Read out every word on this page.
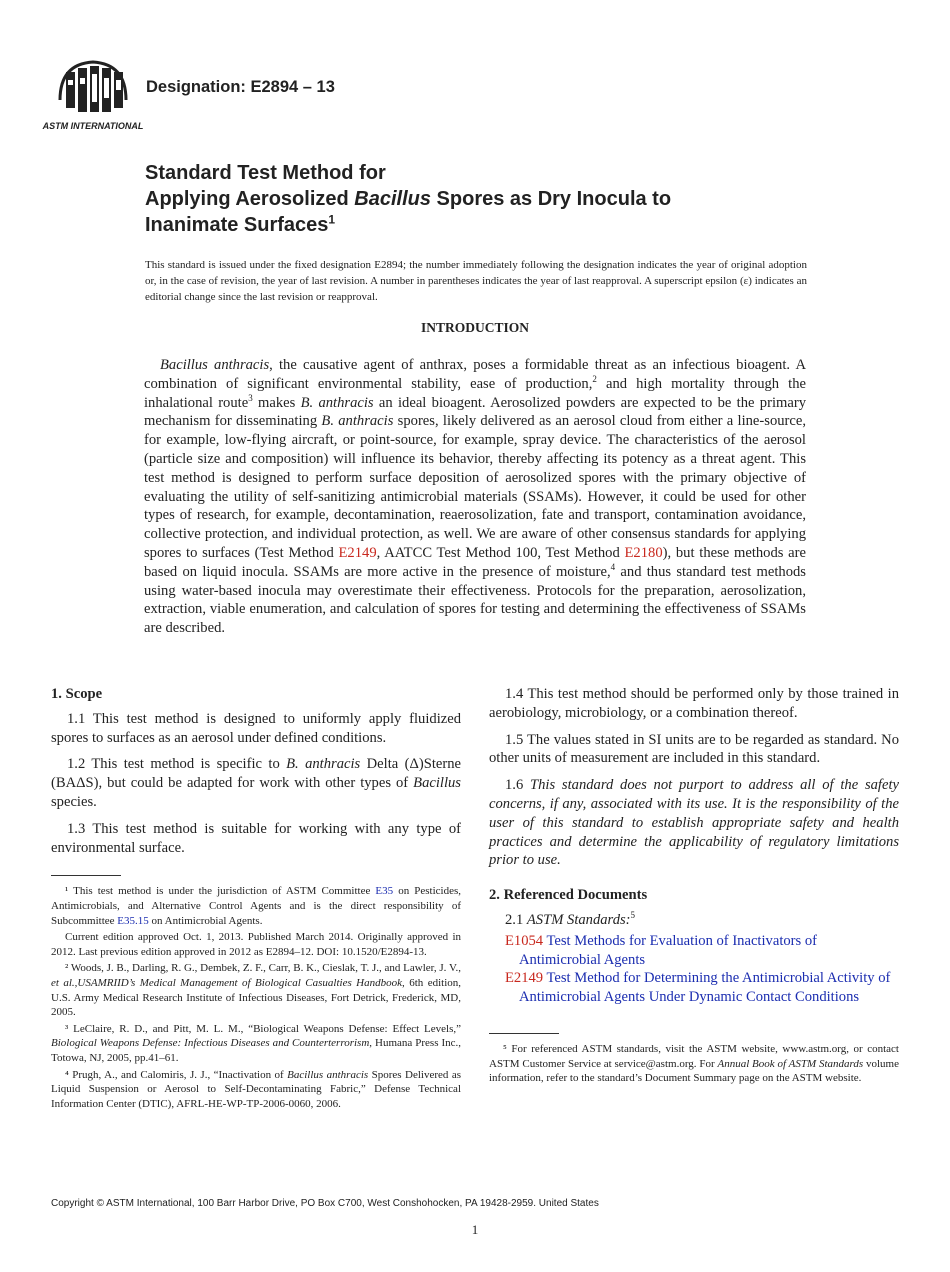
ASTM INTERNATIONAL
Designation: E2894 – 13
Standard Test Method for
Applying Aerosolized Bacillus Spores as Dry Inocula to
Inanimate Surfaces$^1$
This standard is issued under the fixed designation E2894; the number immediately following the designation indicates the year of original adoption or, in the case of revision, the year of last revision. A number in parentheses indicates the year of last reapproval. A superscript epsilon (ε) indicates an editorial change since the last revision or reapproval.
INTRODUCTION

Bacillus anthracis, the causative agent of anthrax, poses a formidable threat as an infectious bioagent. A combination of significant environmental stability, ease of production,$^2$ and high mortality through the inhalational route$^3$ makes B. anthracis an ideal bioagent. Aerosolized powders are expected to be the primary mechanism for disseminating B. anthracis spores, likely delivered as an aerosol cloud from either a line-source, for example, low-flying aircraft, or point-source, for example, spray device. The characteristics of the aerosol (particle size and composition) will influence its behavior, thereby affecting its potency as a threat agent. This test method is designed to perform surface deposition of aerosolized spores with the primary objective of evaluating the utility of self-sanitizing antimicrobial materials (SSAMs). However, it could be used for other types of research, for example, decontamination, reaerosolization, fate and transport, contamination avoidance, collective protection, and individual protection, as well. We are aware of other consensus standards for applying spores to surfaces (Test Method E2149, AATCC Test Method 100, Test Method E2180), but these methods are based on liquid inocula. SSAMs are more active in the presence of moisture,$^4$ and thus standard test methods using water-based inocula may overestimate their effectiveness. Protocols for the preparation, aerosolization, extraction, viable enumeration, and calculation of spores for testing and determining the effectiveness of SSAMs are described.

1. Scope

1.1 This test method is designed to uniformly apply fluidized spores to surfaces as an aerosol under defined conditions.

1.2 This test method is specific to B. anthracis Delta (Δ)Sterne (BAΔS), but could be adapted for work with other types of Bacillus species.

1.3 This test method is suitable for working with any type of environmental surface.

¹ This test method is under the jurisdiction of ASTM Committee E35 on Pesticides, Antimicrobials, and Alternative Control Agents and is the direct responsibility of Subcommittee E35.15 on Antimicrobial Agents.

Current edition approved Oct. 1, 2013. Published March 2014. Originally approved in 2012. Last previous edition approved in 2012 as E2894–12. DOI: 10.1520/E2894-13.

² Woods, J. B., Darling, R. G., Dembek, Z. F., Carr, B. K., Cieslak, T. J., and Lawler, J. V., et al.,USAMRIID’s Medical Management of Biological Casualties Handbook, 6th edition, U.S. Army Medical Research Institute of Infectious Diseases, Fort Detrick, Frederick, MD, 2005.

³ LeClaire, R. D., and Pitt, M. L. M., “Biological Weapons Defense: Effect Levels,” Biological Weapons Defense: Infectious Diseases and Counterterrorism, Humana Press Inc., Totowa, NJ, 2005, pp.41–61.

⁴ Prugh, A., and Calomiris, J. J., “Inactivation of Bacillus anthracis Spores Delivered as Liquid Suspension or Aerosol to Self-Decontaminating Fabric,” Defense Technical Information Center (DTIC), AFRL-HE-WP-TP-2006-0060, 2006.

1.4 This test method should be performed only by those trained in aerobiology, microbiology, or a combination thereof.

1.5 The values stated in SI units are to be regarded as standard. No other units of measurement are included in this standard.

1.6 This standard does not purport to address all of the safety concerns, if any, associated with its use. It is the responsibility of the user of this standard to establish appropriate safety and health practices and determine the applicability of regulatory limitations prior to use.

2. Referenced Documents

2.1 ASTM Standards:$^5$

E1054 Test Methods for Evaluation of Inactivators of Antimicrobial Agents

E2149 Test Method for Determining the Antimicrobial Activity of Antimicrobial Agents Under Dynamic Contact Conditions

⁵ For referenced ASTM standards, visit the ASTM website, www.astm.org, or contact ASTM Customer Service at service@astm.org. For Annual Book of ASTM Standards volume information, refer to the standard’s Document Summary page on the ASTM website.

Copyright © ASTM International, 100 Barr Harbor Drive, PO Box C700, West Conshohocken, PA 19428-2959. United States
1
